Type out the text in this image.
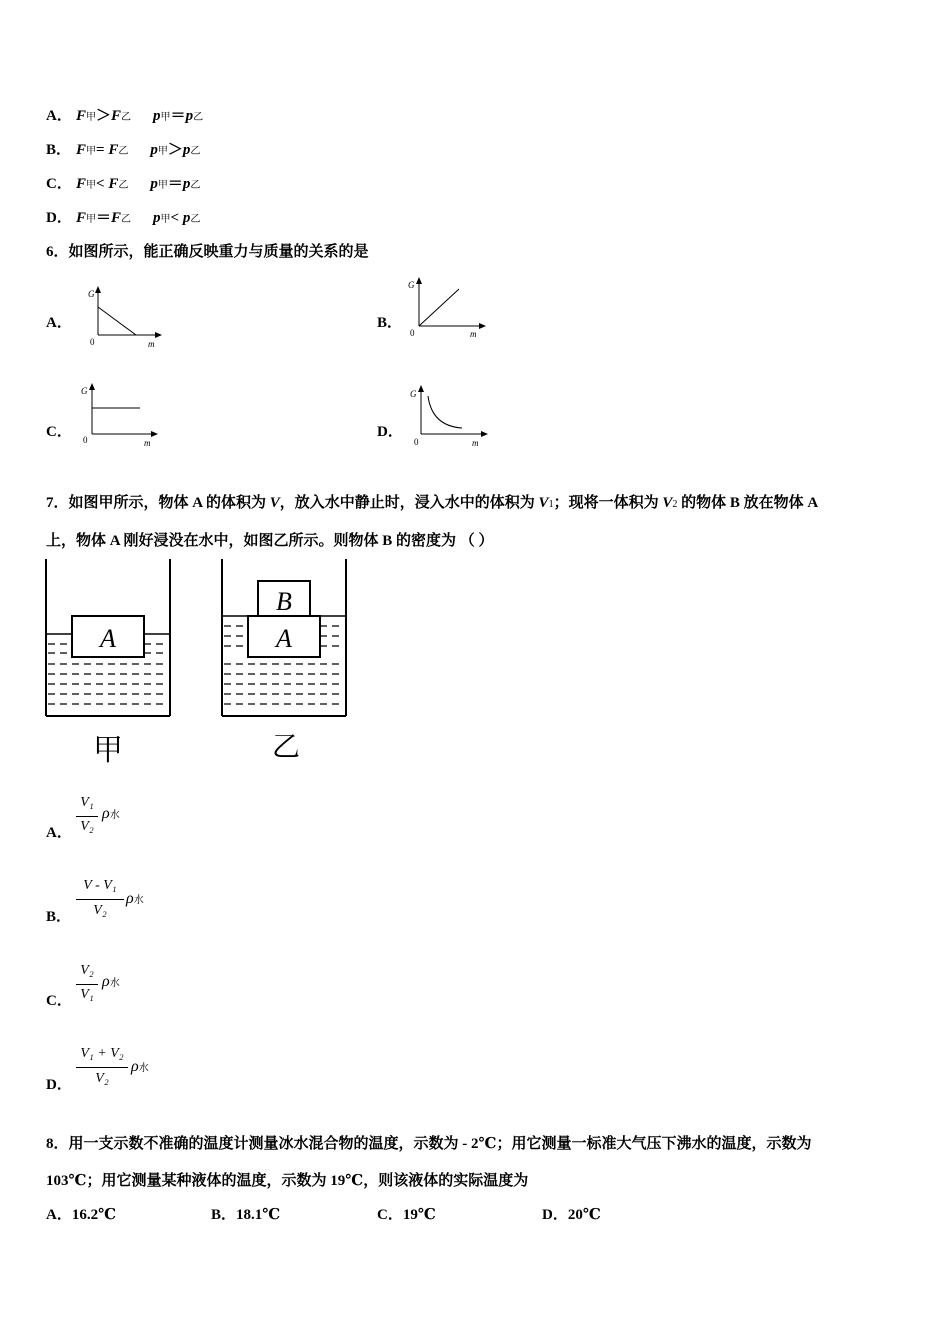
A． F甲＞F乙 p甲＝p乙
B． F甲= F乙 p甲＞p乙
C． F甲< F乙 p甲＝p乙
D． F甲＝F乙 p甲< p乙
6．如图所示，能正确反映重力与质量的关系的是
A．
G
0	m
B．
G
0	m
C．
G
0	m
D．
G
0	m
7．如图甲所示，物体 A 的体积为 V，放入水中静止时，浸入水中的体积为 V1；现将一体积为 V2 的物体 B 放在物体 A
上，物体 A 刚好浸没在水中，如图乙所示。则物体 B 的密度为 （ ）
A
甲
B
A
乙
A．
V₁
V₂
ρ水
B．
V - V₁
V₂
ρ水
C．
V₂
V₁
ρ水
D．
V₁ + V₂
V₂
ρ水
8．用一支示数不准确的温度计测量冰水混合物的温度，示数为 - 2℃；用它测量一标准大气压下沸水的温度，示数为
103℃；用它测量某种液体的温度，示数为 19℃，则该液体的实际温度为
A．16.2℃	B．18.1℃	C．19℃	D．20℃
